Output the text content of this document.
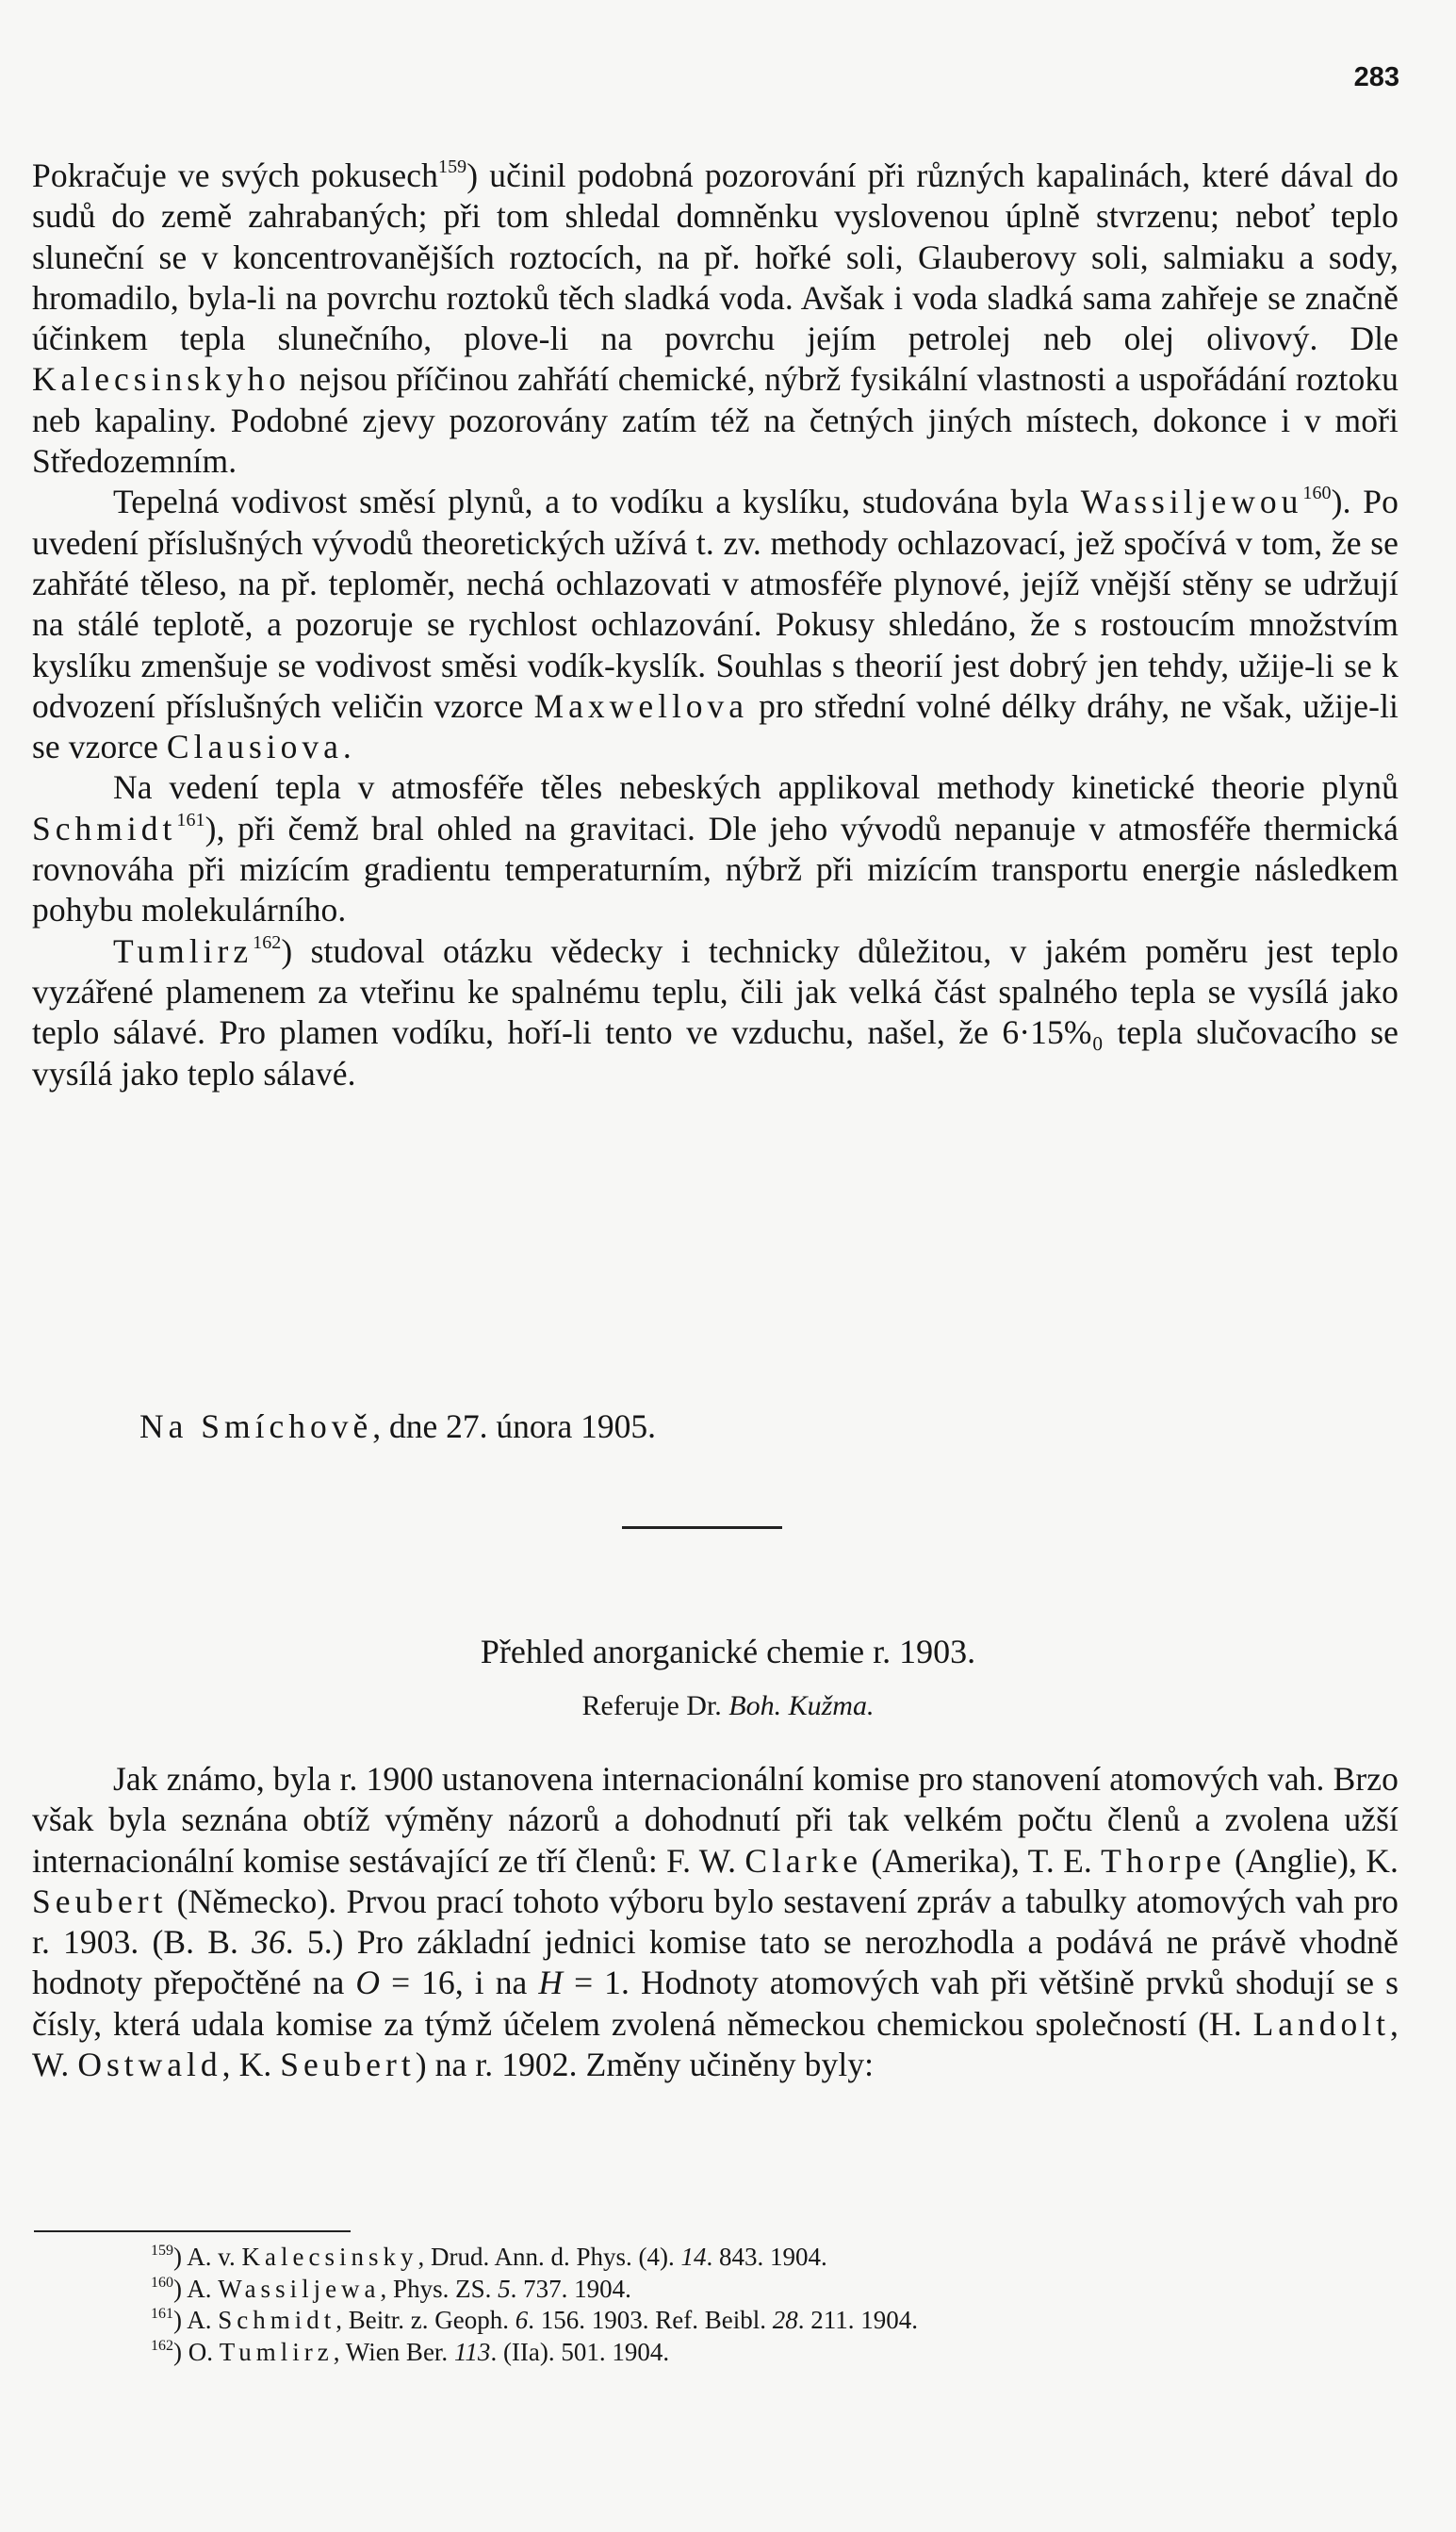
283

Pokračuje ve svých pokusech$^{159}$) učinil podobná pozorování při různých kapalinách, které dával do sudů do země zahrabaných; při tom shledal domněnku vyslovenou úplně stvrzenu; neboť teplo sluneční se v koncentrovanějších roztocích, na př. hořké soli, Glauberovy soli, salmiaku a sody, hromadilo, byla-li na povrchu roztoků těch sladká voda. Avšak i voda sladká sama zahřeje se značně účinkem tepla slunečního, plove-li na povrchu jejím petrolej neb olej olivový. Dle Kalecsinskyho nejsou příčinou zahřátí chemické, nýbrž fysikální vlastnosti a uspořádání roztoku neb kapaliny. Podobné zjevy pozorovány zatím též na četných jiných místech, dokonce i v moři Středozemním.

Tepelná vodivost směsí plynů, a to vodíku a kyslíku, studována byla Wassiljewou$^{160}$). Po uvedení příslušných vývodů theoretických užívá t. zv. methody ochlazovací, jež spočívá v tom, že se zahřáté těleso, na př. teploměr, nechá ochlazovati v atmosféře plynové, jejíž vnější stěny se udržují na stálé teplotě, a pozoruje se rychlost ochlazování. Pokusy shledáno, že s rostoucím množstvím kyslíku zmenšuje se vodivost směsi vodík-kyslík. Souhlas s theorií jest dobrý jen tehdy, užije-li se k odvození příslušných veličin vzorce Maxwellova pro střední volné délky dráhy, ne však, užije-li se vzorce Clausiova.

Na vedení tepla v atmosféře těles nebeských applikoval methody kinetické theorie plynů Schmidt$^{161}$), při čemž bral ohled na gravitaci. Dle jeho vývodů nepanuje v atmosféře thermická rovnováha při mizícím gradientu temperaturním, nýbrž při mizícím transportu energie následkem pohybu molekulárního.

Tumlirz$^{162}$) studoval otázku vědecky i technicky důležitou, v jakém poměru jest teplo vyzářené plamenem za vteřinu ke spalnému teplu, čili jak velká část spalného tepla se vysílá jako teplo sálavé. Pro plamen vodíku, hoří-li tento ve vzduchu, našel, že 6·15%₀ tepla slučovacího se vysílá jako teplo sálavé.

Na Smíchově, dne 27. února 1905.
Přehled anorganické chemie r. 1903.
Referuje Dr. Boh. Kužma.

Jak známo, byla r. 1900 ustanovena internacionální komise pro stanovení atomových vah. Brzo však byla seznána obtíž výměny názorů a dohodnutí při tak velkém počtu členů a zvolena užší internacionální komise sestávající ze tří členů: F. W. Clarke (Amerika), T. E. Thorpe (Anglie), K. Seubert (Německo). Prvou prací tohoto výboru bylo sestavení zpráv a tabulky atomových vah pro r. 1903. (B. B. 36. 5.) Pro základní jednici komise tato se nerozhodla a podává ne právě vhodně hodnoty přepočtěné na O = 16, i na H = 1. Hodnoty atomových vah při většině prvků shodují se s čísly, která udala komise za týmž účelem zvolená německou chemickou společností (H. Landolt, W. Ostwald, K. Seubert) na r. 1902. Změny učiněny byly:

$^{159}$) A. v. Kalecsinsky, Drud. Ann. d. Phys. (4). 14. 843. 1904.
$^{160}$) A. Wassiljewa, Phys. ZS. 5. 737. 1904.
$^{161}$) A. Schmidt, Beitr. z. Geoph. 6. 156. 1903. Ref. Beibl. 28. 211. 1904.
$^{162}$) O. Tumlirz, Wien Ber. 113. (IIa). 501. 1904.
